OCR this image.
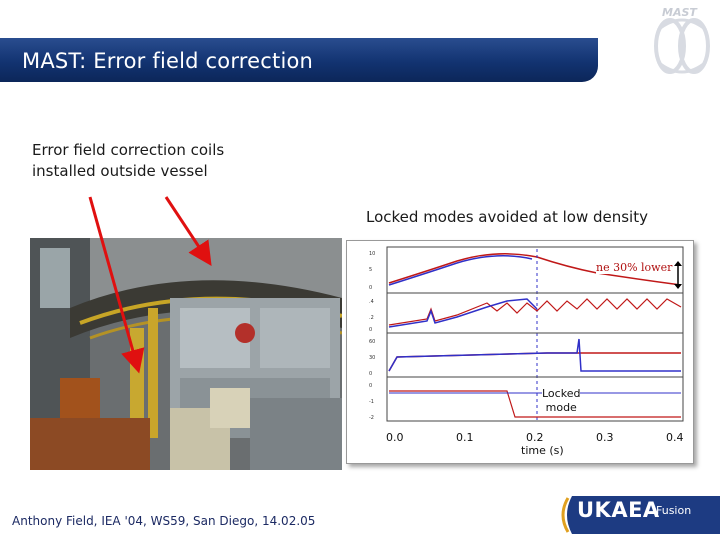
MAST: Error field correction
MAST
Error field correction coils
installed outside vessel
Locked modes avoided at low density
10
5
0
.4
.2
0
60
30
0
0
-1
-2
ne 30% lower
Locked
mode
0.0	0.1	0.2	0.3	0.4
time (s)
Anthony Field, IEA '04, WS59, San Diego, 14.02.05	UKAEA
Fusion
